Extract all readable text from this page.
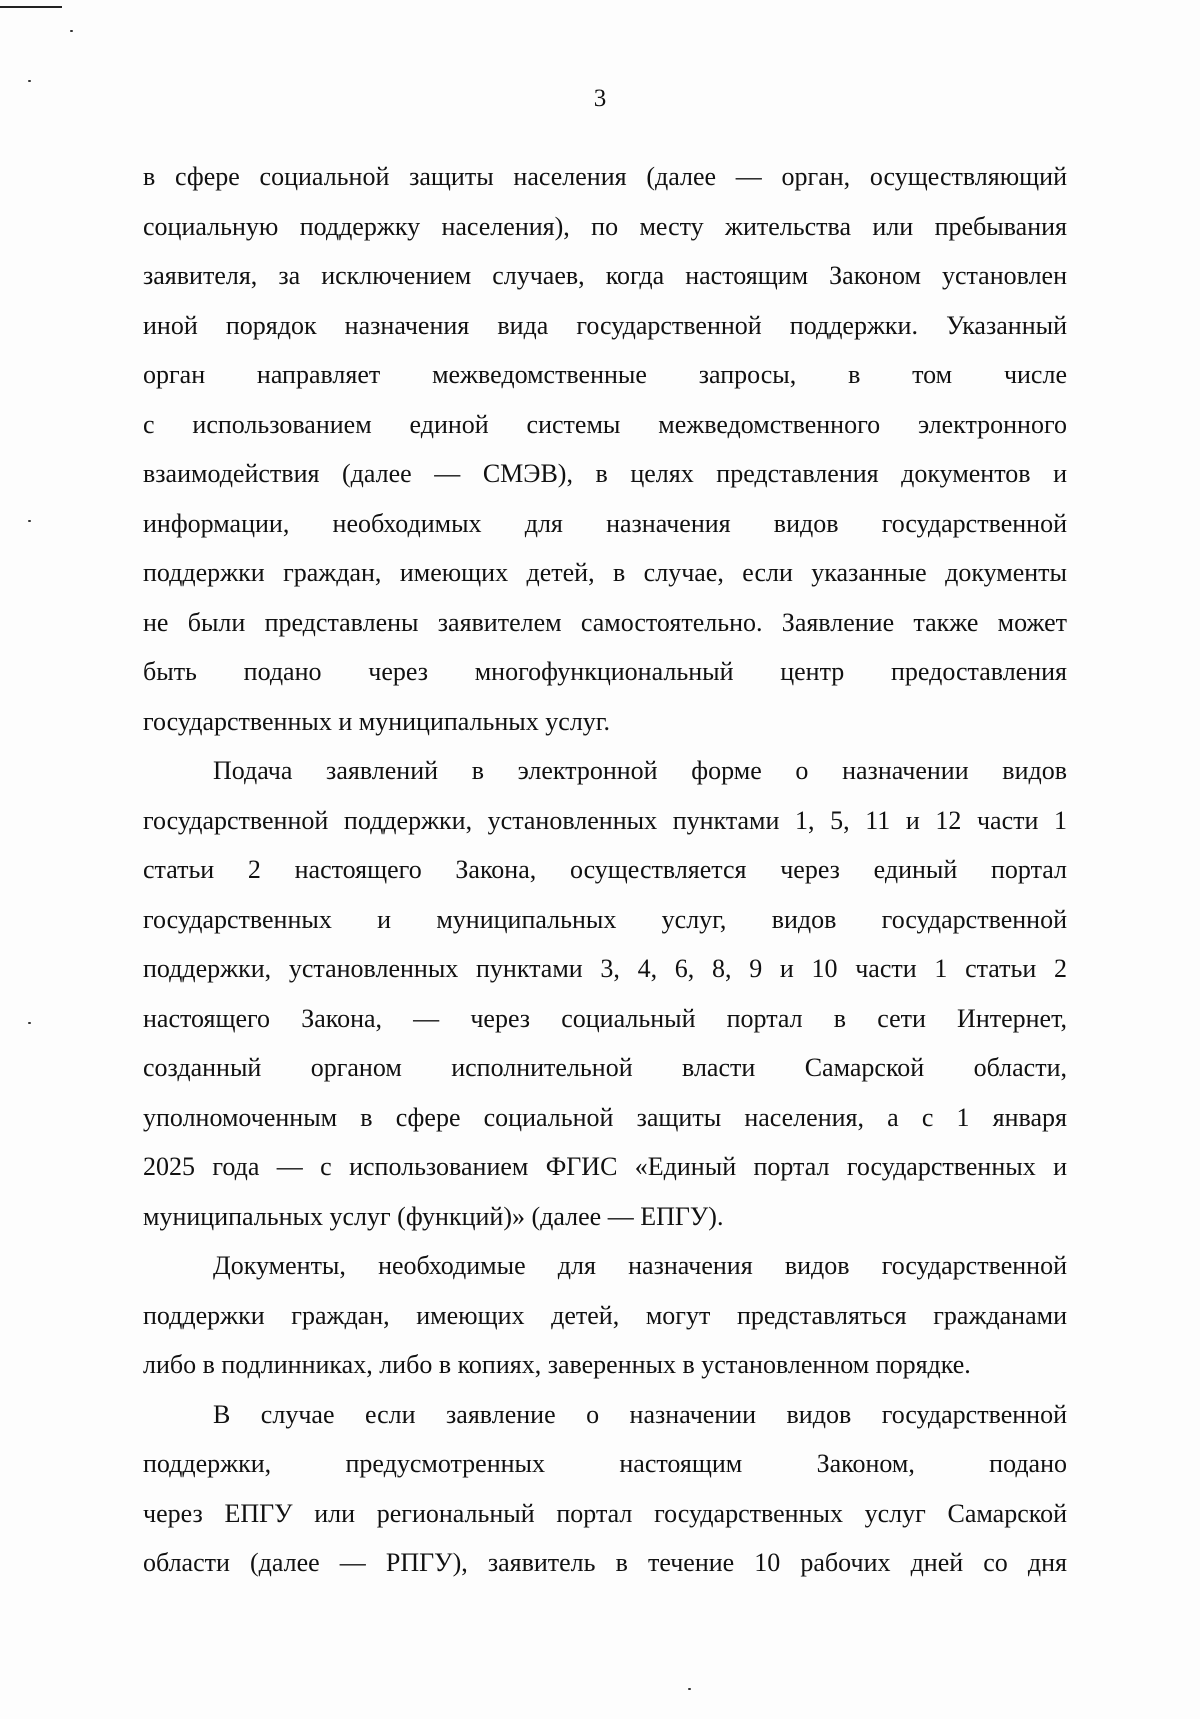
3
в сфере социальной защиты населения (далее — орган, осуществляющий
социальную поддержку населения), по месту жительства или пребывания
заявителя, за исключением случаев, когда настоящим Законом установлен
иной порядок назначения вида государственной поддержки. Указанный
орган направляет межведомственные запросы, в том числе
с использованием единой системы межведомственного электронного
взаимодействия (далее — СМЭВ), в целях представления документов и
информации, необходимых для назначения видов государственной
поддержки граждан, имеющих детей, в случае, если указанные документы
не были представлены заявителем самостоятельно. Заявление также может
быть подано через многофункциональный центр предоставления
государственных и муниципальных услуг.
Подача заявлений в электронной форме о назначении видов
государственной поддержки, установленных пунктами 1, 5, 11 и 12 части 1
статьи 2 настоящего Закона, осуществляется через единый портал
государственных и муниципальных услуг, видов государственной
поддержки, установленных пунктами 3, 4, 6, 8, 9 и 10 части 1 статьи 2
настоящего Закона, — через социальный портал в сети Интернет,
созданный органом исполнительной власти Самарской области,
уполномоченным в сфере социальной защиты населения, а с 1 января
2025 года — с использованием ФГИС «Единый портал государственных и
муниципальных услуг (функций)» (далее — ЕПГУ).
Документы, необходимые для назначения видов государственной
поддержки граждан, имеющих детей, могут представляться гражданами
либо в подлинниках, либо в копиях, заверенных в установленном порядке.
В случае если заявление о назначении видов государственной
поддержки, предусмотренных настоящим Законом, подано
через ЕПГУ или региональный портал государственных услуг Самарской
области (далее — РПГУ), заявитель в течение 10 рабочих дней со дня
